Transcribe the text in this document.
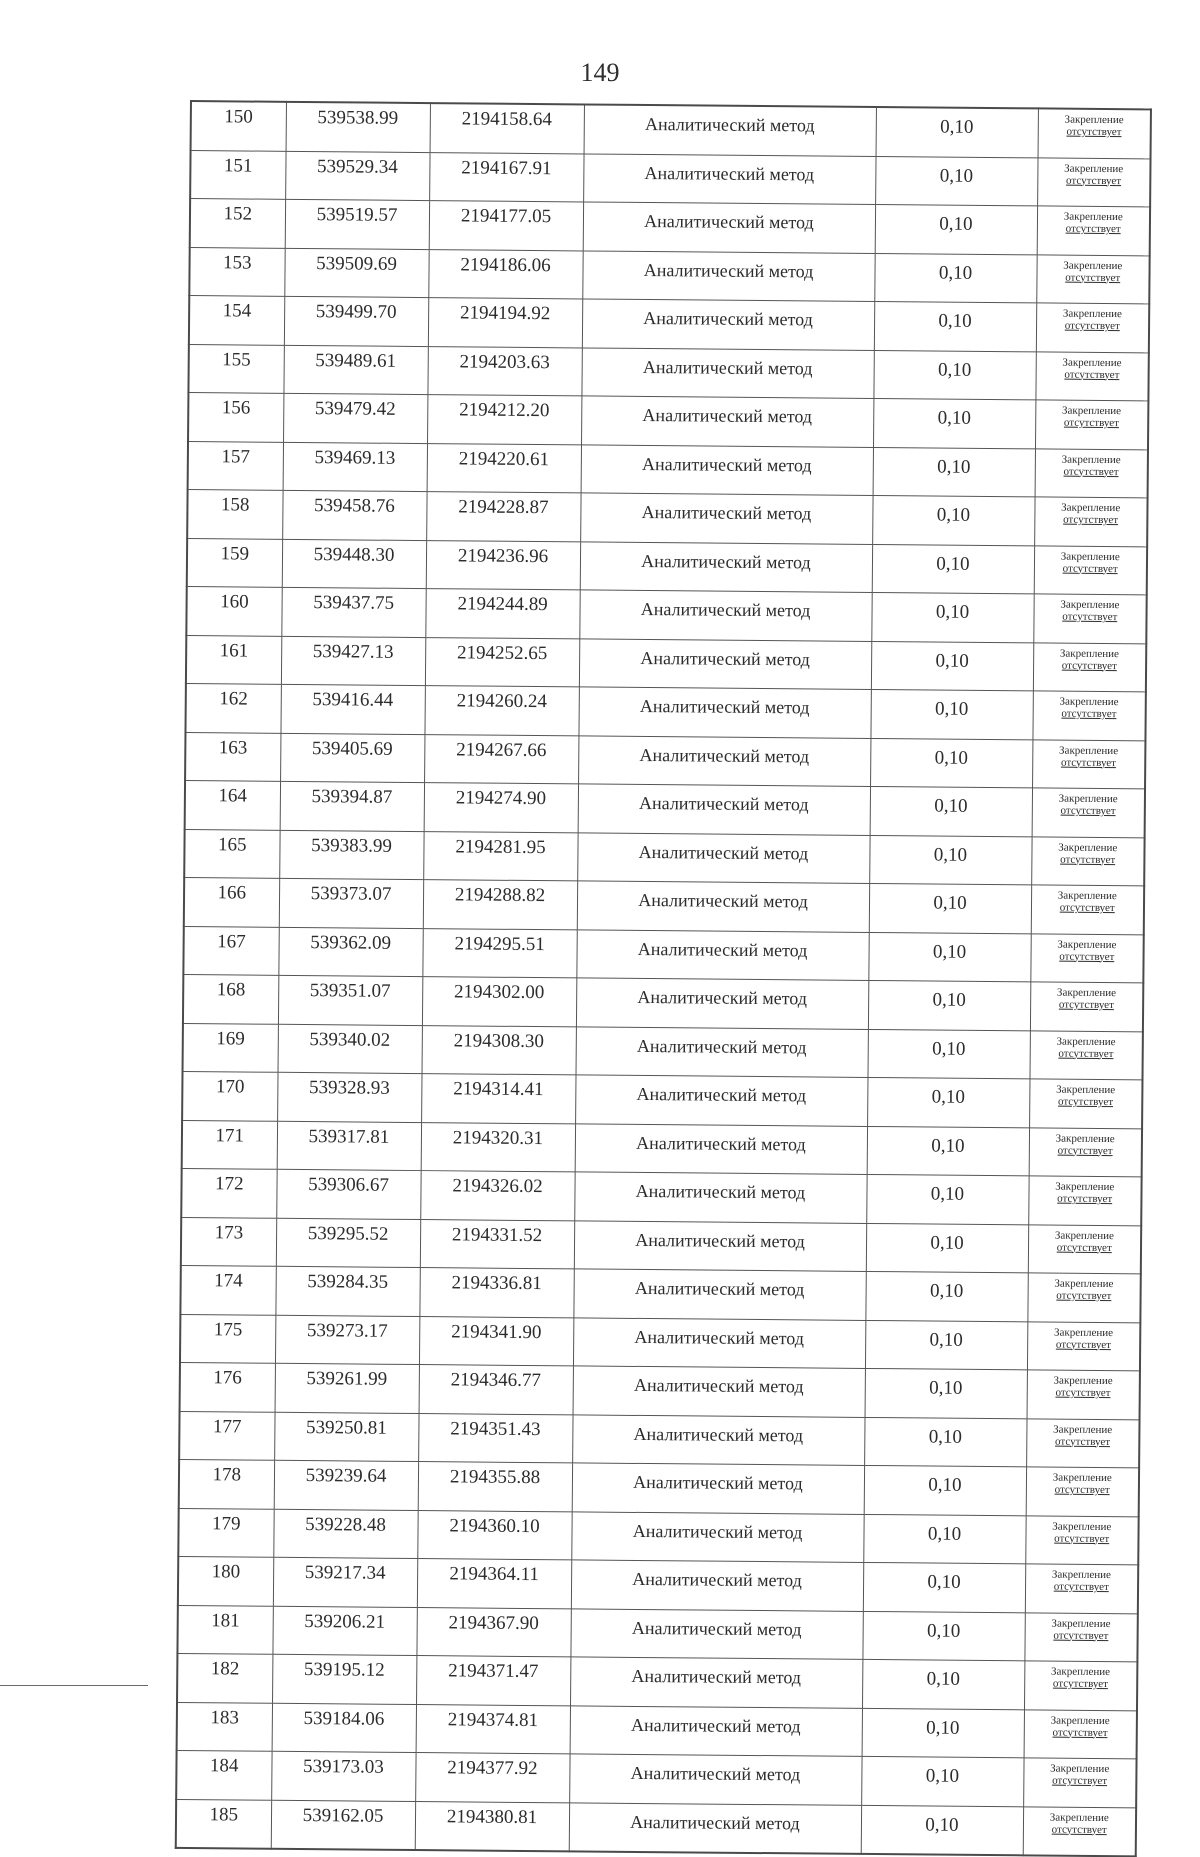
149
150	539538.99	2194158.64	Аналитический метод	0,10	Закрепление
отсутствует

151	539529.34	2194167.91	Аналитический метод	0,10	Закрепление
отсутствует

152	539519.57	2194177.05	Аналитический метод	0,10	Закрепление
отсутствует

153	539509.69	2194186.06	Аналитический метод	0,10	Закрепление
отсутствует

154	539499.70	2194194.92	Аналитический метод	0,10	Закрепление
отсутствует

155	539489.61	2194203.63	Аналитический метод	0,10	Закрепление
отсутствует

156	539479.42	2194212.20	Аналитический метод	0,10	Закрепление
отсутствует

157	539469.13	2194220.61	Аналитический метод	0,10	Закрепление
отсутствует

158	539458.76	2194228.87	Аналитический метод	0,10	Закрепление
отсутствует

159	539448.30	2194236.96	Аналитический метод	0,10	Закрепление
отсутствует

160	539437.75	2194244.89	Аналитический метод	0,10	Закрепление
отсутствует

161	539427.13	2194252.65	Аналитический метод	0,10	Закрепление
отсутствует

162	539416.44	2194260.24	Аналитический метод	0,10	Закрепление
отсутствует

163	539405.69	2194267.66	Аналитический метод	0,10	Закрепление
отсутствует

164	539394.87	2194274.90	Аналитический метод	0,10	Закрепление
отсутствует

165	539383.99	2194281.95	Аналитический метод	0,10	Закрепление
отсутствует

166	539373.07	2194288.82	Аналитический метод	0,10	Закрепление
отсутствует

167	539362.09	2194295.51	Аналитический метод	0,10	Закрепление
отсутствует

168	539351.07	2194302.00	Аналитический метод	0,10	Закрепление
отсутствует

169	539340.02	2194308.30	Аналитический метод	0,10	Закрепление
отсутствует

170	539328.93	2194314.41	Аналитический метод	0,10	Закрепление
отсутствует

171	539317.81	2194320.31	Аналитический метод	0,10	Закрепление
отсутствует

172	539306.67	2194326.02	Аналитический метод	0,10	Закрепление
отсутствует

173	539295.52	2194331.52	Аналитический метод	0,10	Закрепление
отсутствует

174	539284.35	2194336.81	Аналитический метод	0,10	Закрепление
отсутствует

175	539273.17	2194341.90	Аналитический метод	0,10	Закрепление
отсутствует

176	539261.99	2194346.77	Аналитический метод	0,10	Закрепление
отсутствует

177	539250.81	2194351.43	Аналитический метод	0,10	Закрепление
отсутствует

178	539239.64	2194355.88	Аналитический метод	0,10	Закрепление
отсутствует

179	539228.48	2194360.10	Аналитический метод	0,10	Закрепление
отсутствует

180	539217.34	2194364.11	Аналитический метод	0,10	Закрепление
отсутствует

181	539206.21	2194367.90	Аналитический метод	0,10	Закрепление
отсутствует

182	539195.12	2194371.47	Аналитический метод	0,10	Закрепление
отсутствует

183	539184.06	2194374.81	Аналитический метод	0,10	Закрепление
отсутствует

184	539173.03	2194377.92	Аналитический метод	0,10	Закрепление
отсутствует

185	539162.05	2194380.81	Аналитический метод	0,10	Закрепление
отсутствует
